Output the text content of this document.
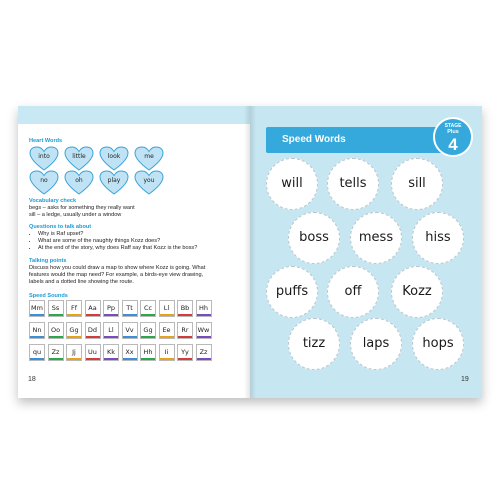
Heart Words
into	little	look	me
no	oh	play	you
Vocabulary check
begs – asks for something they really want
sill – a ledge, usually under a window
Questions to talk about
• Why is Raf upset?
• What are some of the naughty things Kozz does?
• At the end of the story, why does Raff say that Kozz is the boss?
Talking points
Discuss how you could draw a map to show where Kozz is going. What features would the map need? For example, a birds-eye view drawing, labels and a dotted line showing the route.
Speed Sounds
Mm	Ss	Ff	Aa	Pp	Tt	Cc	Ll	Bb	Hh
Nn	Oo	Gg	Dd	Ll	Vv	Gg	Ee	Rr	Ww
qu	Zz	Jj	Uu	Kk	Xx	Hh	Ii	Yy	Zz
18
Speed Words
STAGE
Plus
4
will	tells	sill
boss	mess	hiss
puffs	off	Kozz
tizz	laps	hops
19
